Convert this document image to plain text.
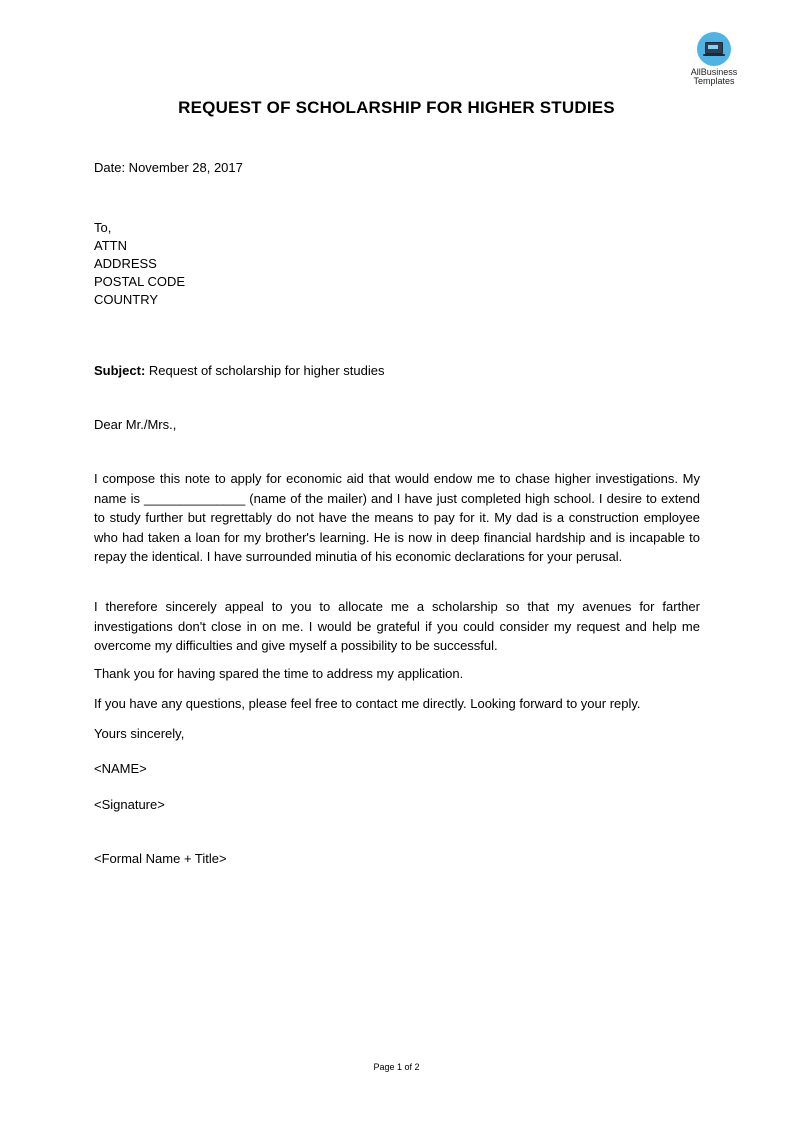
AllBusiness
Templates
REQUEST OF SCHOLARSHIP FOR HIGHER STUDIES
Date: November 28, 2017
To,
ATTN
ADDRESS
POSTAL CODE
COUNTRY
Subject: Request of scholarship for higher studies
Dear Mr./Mrs.,
I compose this note to apply for economic aid that would endow me to chase higher investigations. My name is ______________ (name of the mailer) and I have just completed high school. I desire to extend to study further but regrettably do not have the means to pay for it. My dad is a construction employee who had taken a loan for my brother's learning. He is now in deep financial hardship and is incapable to repay the identical. I have surrounded minutia of his economic declarations for your perusal.
I therefore sincerely appeal to you to allocate me a scholarship so that my avenues for farther investigations don't close in on me. I would be grateful if you could consider my request and help me overcome my difficulties and give myself a possibility to be successful.
Thank you for having spared the time to address my application.
If you have any questions, please feel free to contact me directly. Looking forward to your reply.
Yours sincerely,
<NAME>
<Signature>
<Formal Name + Title>
Page 1 of 2
